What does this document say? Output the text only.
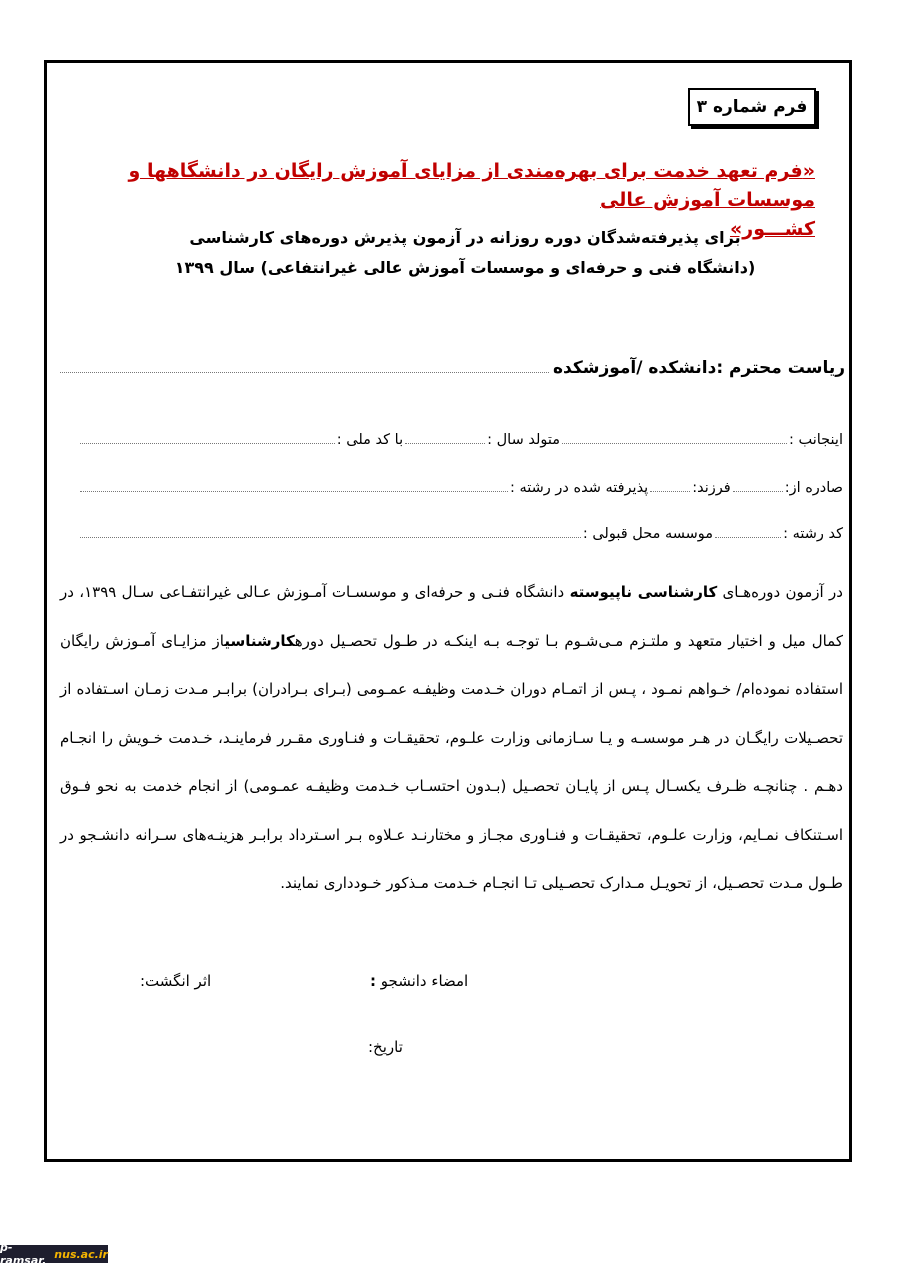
فرم شماره ۳
«فرم تعهد خدمت برای بهره‌مندی از مزایای آموزش رایگان در دانشگاهها و موسسات آموزش عالی
کشـــور»
برای پذیرفته‌شدگان دوره روزانه در آزمون پذیرش دوره‌های کارشناسی
(دانشگاه فنی و حرفه‌ای و موسسات آموزش عالی غیرانتفاعی) سال ۱۳۹۹
ریاست محترم :دانشکده /آموزشکده
اینجانب :
متولد سال :
با کد ملی :
صادره از:
فرزند:
پذیرفته شده در رشته :
کد رشته :
موسسه محل قبولی :
در آزمون دوره‌هـای کارشناسی ناپیوسته دانشگاه فنـی و حرفه‌ای و موسسـات آمـوزش عـالی غیرانتفـاعی سـال ۱۳۹۹، در کمال میل و اختیار متعهد و ملتـزم مـی‌شـوم بـا توجـه بـه اینکـه در طـول تحصـیل دورهکارشناسیاز مزایـای آمـوزش رایگان استفاده نموده‌ام/ خـواهم نمـود ، پـس از اتمـام دوران خـدمت وظیفـه عمـومی (بـرای بـرادران) برابـر مـدت زمـان اسـتفاده از تحصـیلات رایگـان در هـر موسسـه و یـا سـازمانی وزارت علـوم، تحقیقـات و فنـاوری مقـرر فرماینـد، خـدمت خـویش را انجـام دهـم . چنانچـه ظـرف یکسـال پـس از پایـان تحصـیل (بـدون احتسـاب خـدمت وظیفـه عمـومی) از انجام خدمت به نحو فـوق اسـتنکاف نمـایم، وزارت علـوم، تحقیقـات و فنـاوری مجـاز و مختارنـد عـلاوه بـر اسـترداد برابـر هزینـه‌های سـرانه دانشـجو در طـول مـدت تحصـیل، از تحویـل مـدارک تحصـیلی تـا انجـام خـدمت مـذکور خـودداری نمایند.
امضاء دانشجو :
اثر انگشت:
تاریخ:
p-ramsar. nus.ac.ir
